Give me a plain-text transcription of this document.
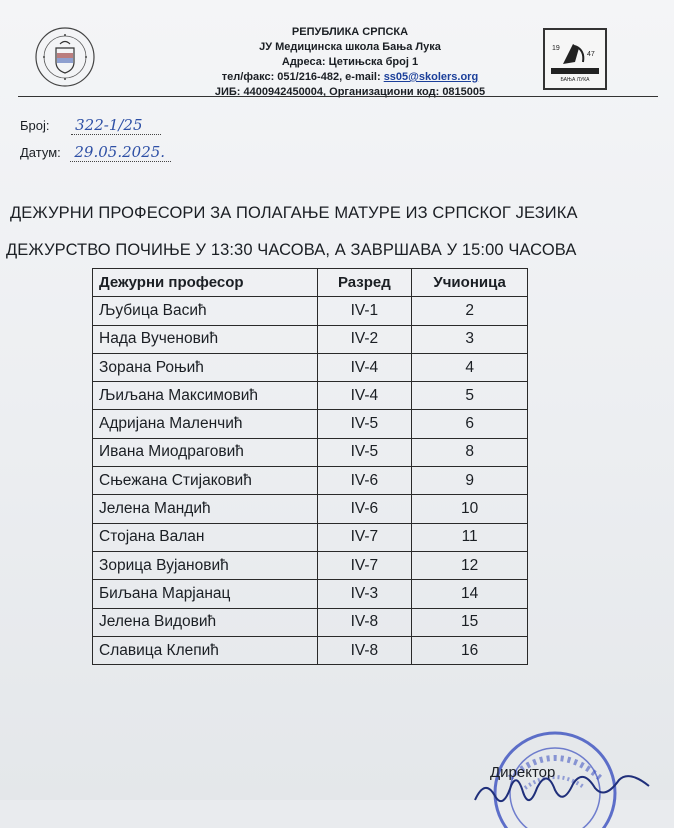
РЕПУБЛИКА СРПСКА
ЈУ Медицинска школа Бања Лука
Адреса: Цетињска број 1
тел/факс: 051/216-482, e-mail: ss05@skolers.org
ЈИБ: 4400942450004, Организациони код: 0815005
19
47
БАЊА ЛУКА
Број: 322-1/25
Датум: 29.05.2025.
ДЕЖУРНИ ПРОФЕСОРИ ЗА ПОЛАГАЊЕ МАТУРЕ ИЗ СРПСКОГ ЈЕЗИКА
ДЕЖУРСТВО ПОЧИЊЕ У 13:30 ЧАСОВА, А ЗАВРШАВА У 15:00 ЧАСОВА
Дежурни професор	Разред	Учионица
Љубица Васић	IV-1	2
Нада Вученовић	IV-2	3
Зорана Роњић	IV-4	4
Љиљана Максимовић	IV-4	5
Адријана Маленчић	IV-5	6
Ивана Миодраговић	IV-5	8
Сњежана Стијаковић	IV-6	9
Јелена Мандић	IV-6	10
Стојана Валан	IV-7	11
Зорица Вујановић	IV-7	12
Биљана Марјанац	IV-3	14
Јелена Видовић	IV-8	15
Славица Клепић	IV-8	16
Директор
